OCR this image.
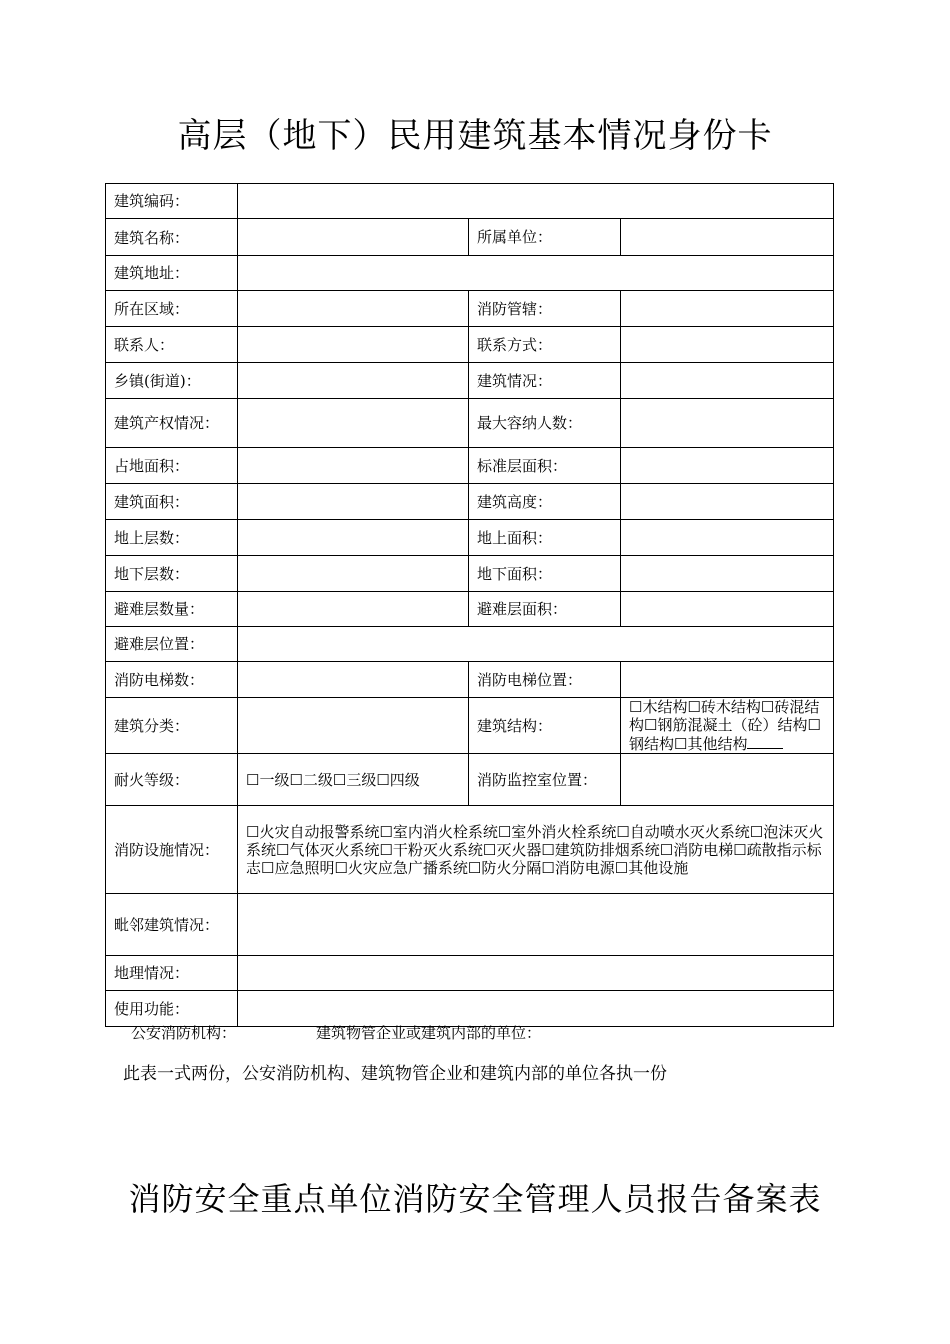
高层（地下）民用建筑基本情况身份卡
建筑编码：			
建筑名称：		所属单位：	
建筑地址：			
所在区域：		消防管辖：	
联系人：		联系方式：	
乡镇(街道)：		建筑情况：	
建筑产权情况：		最大容纳人数：	
占地面积：		标准层面积：	
建筑面积：		建筑高度：	
地上层数：		地上面积：	
地下层数：		地下面积：	
避难层数量：		避难层面积：	
避难层位置：			
消防电梯数：		消防电梯位置：	
建筑分类：		建筑结构：	☐木结构☐砖木结构☐砖混结构☐钢筋混凝土（砼）结构☐钢结构☐其他结构
耐火等级：	☐一级☐二级☐三级☐四级	消防监控室位置：	
消防设施情况：	☐火灾自动报警系统☐室内消火栓系统☐室外消火栓系统☐自动喷水灭火系统☐泡沫灭火系统☐气体灭火系统☐干粉灭火系统☐灭火器☐建筑防排烟系统☐消防电梯☐疏散指示标志☐应急照明☐火灾应急广播系统☐防火分隔☐消防电源☐其他设施		
毗邻建筑情况：			
地理情况：			
使用功能：			
公安消防机构：	建筑物管企业或建筑内部的单位：
此表一式两份，公安消防机构、建筑物管企业和建筑内部的单位各执一份
消防安全重点单位消防安全管理人员报告备案表
